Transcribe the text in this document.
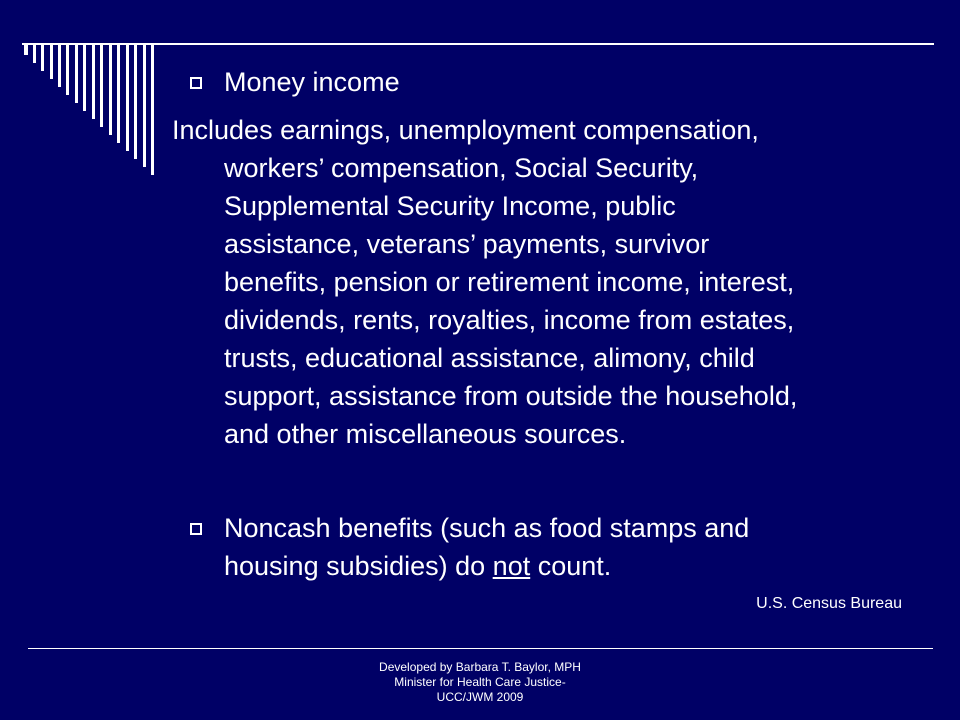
Money income
Includes earnings, unemployment compensation,
workers’ compensation, Social Security,
Supplemental Security Income, public
assistance, veterans’ payments, survivor
benefits, pension or retirement income, interest,
dividends, rents, royalties, income from estates,
trusts, educational assistance, alimony, child
support, assistance from outside the household,
and other miscellaneous sources.
Noncash benefits (such as food stamps and
housing subsidies) do not count.
U.S. Census Bureau
Developed by Barbara T. Baylor, MPH
Minister for Health Care Justice-
UCC/JWM 2009
